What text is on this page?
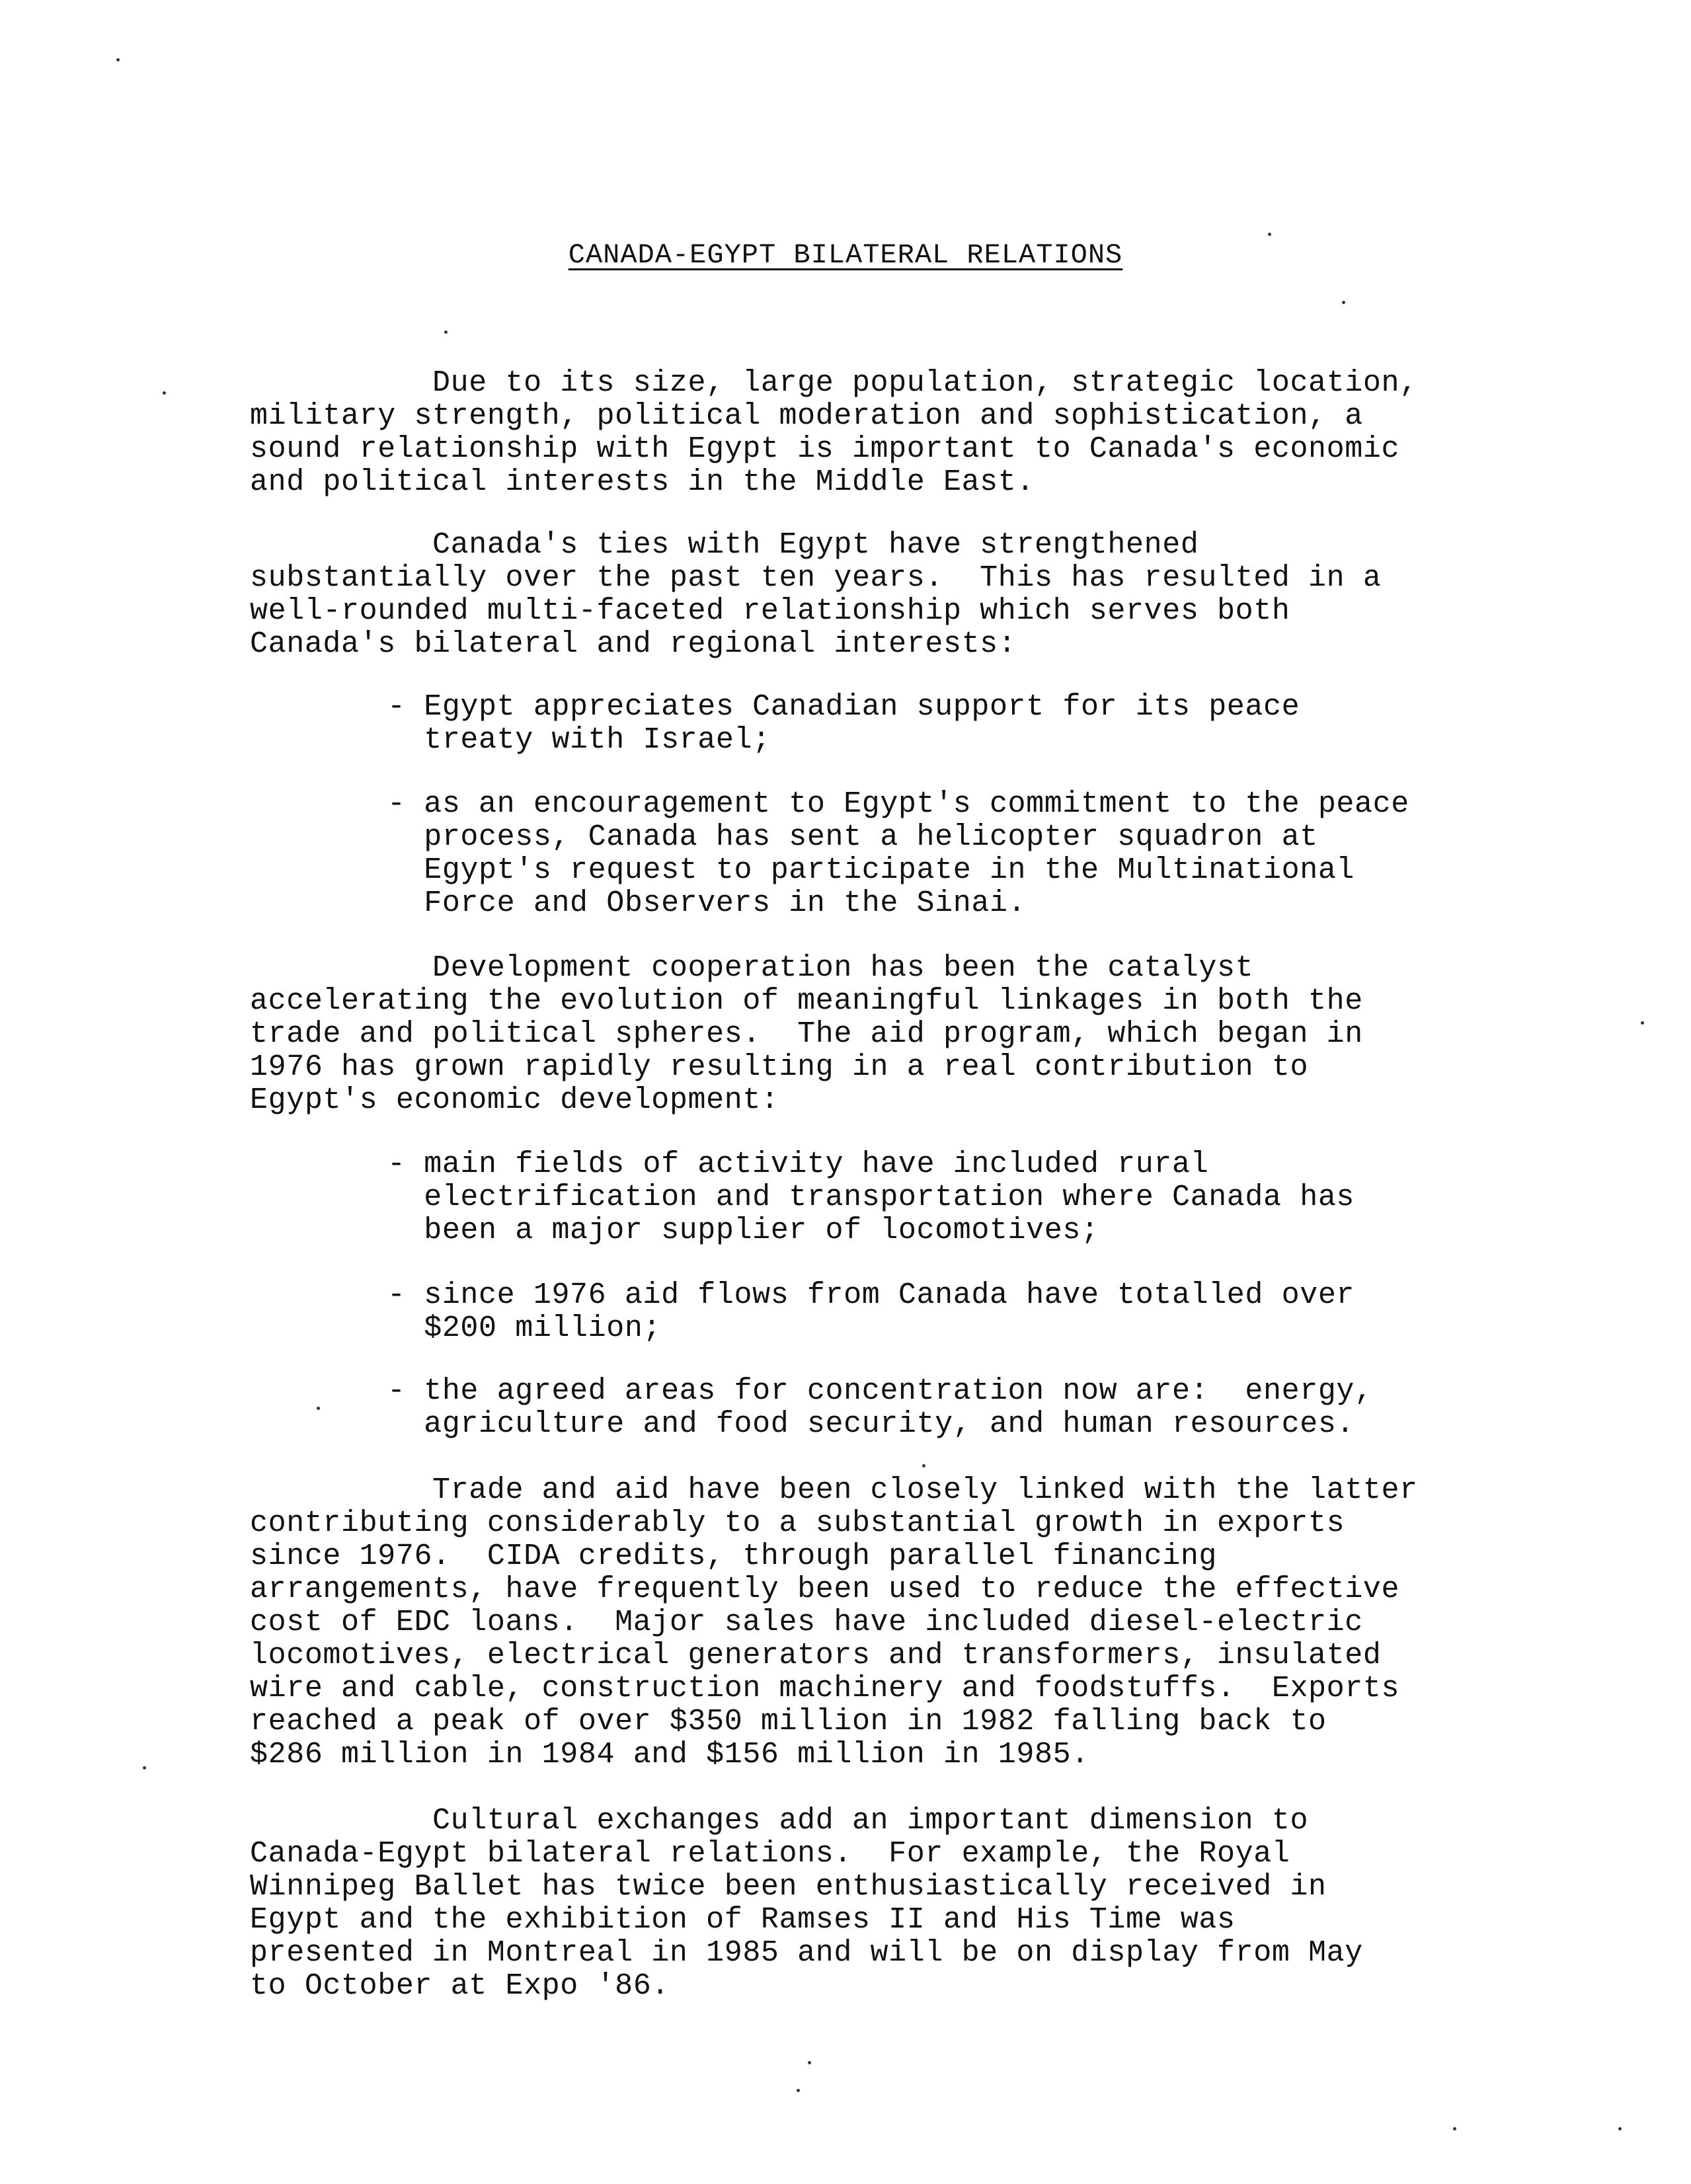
CANADA-EGYPT BILATERAL RELATIONS
Due to its size, large population, strategic location,
military strength, political moderation and sophistication, a
sound relationship with Egypt is important to Canada's economic
and political interests in the Middle East.
Canada's ties with Egypt have strengthened
substantially over the past ten years.  This has resulted in a
well-rounded multi-faceted relationship which serves both
Canada's bilateral and regional interests:
- Egypt appreciates Canadian support for its peace
treaty with Israel;
- as an encouragement to Egypt's commitment to the peace
process, Canada has sent a helicopter squadron at
Egypt's request to participate in the Multinational
Force and Observers in the Sinai.
Development cooperation has been the catalyst
accelerating the evolution of meaningful linkages in both the
trade and political spheres.  The aid program, which began in
1976 has grown rapidly resulting in a real contribution to
Egypt's economic development:
- main fields of activity have included rural
electrification and transportation where Canada has
been a major supplier of locomotives;
- since 1976 aid flows from Canada have totalled over
$200 million;
- the agreed areas for concentration now are:  energy,
agriculture and food security, and human resources.
Trade and aid have been closely linked with the latter
contributing considerably to a substantial growth in exports
since 1976.  CIDA credits, through parallel financing
arrangements, have frequently been used to reduce the effective
cost of EDC loans.  Major sales have included diesel-electric
locomotives, electrical generators and transformers, insulated
wire and cable, construction machinery and foodstuffs.  Exports
reached a peak of over $350 million in 1982 falling back to
$286 million in 1984 and $156 million in 1985.
Cultural exchanges add an important dimension to
Canada-Egypt bilateral relations.  For example, the Royal
Winnipeg Ballet has twice been enthusiastically received in
Egypt and the exhibition of Ramses II and His Time was
presented in Montreal in 1985 and will be on display from May
to October at Expo '86.
